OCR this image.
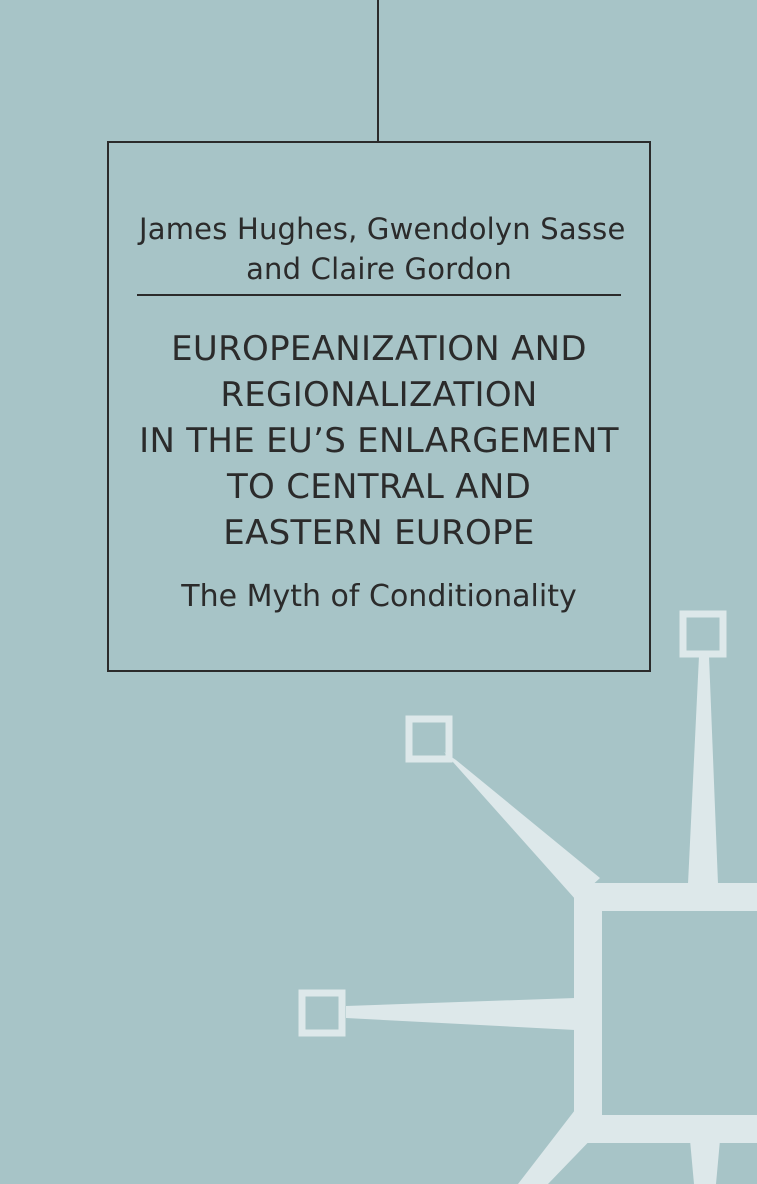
James Hughes, Gwendolyn Sasse
and Claire Gordon
EUROPEANIZATION AND
REGIONALIZATION
IN THE EU’S ENLARGEMENT
TO CENTRAL AND
EASTERN EUROPE
The Myth of Conditionality
